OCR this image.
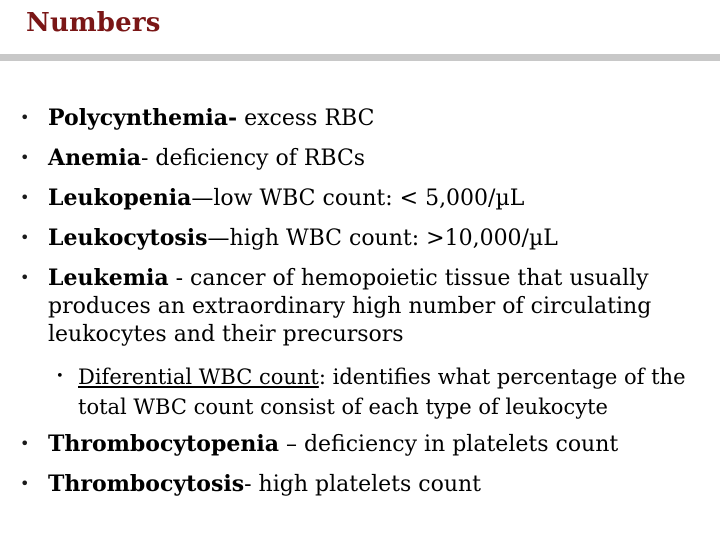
Numbers
• Polycynthemia- excess RBC
• Anemia- deficiency of RBCs
• Leukopenia—low WBC count: < 5,000/µL
• Leukocytosis—high WBC count: >10,000/µL
• Leukemia - cancer of hemopoietic tissue that usually produces an extraordinary high number of circulating leukocytes and their precursors
• Diferential WBC count: identifies what percentage of the total WBC count consist of each type of leukocyte
• Thrombocytopenia – deficiency in platelets count
• Thrombocytosis- high platelets count
